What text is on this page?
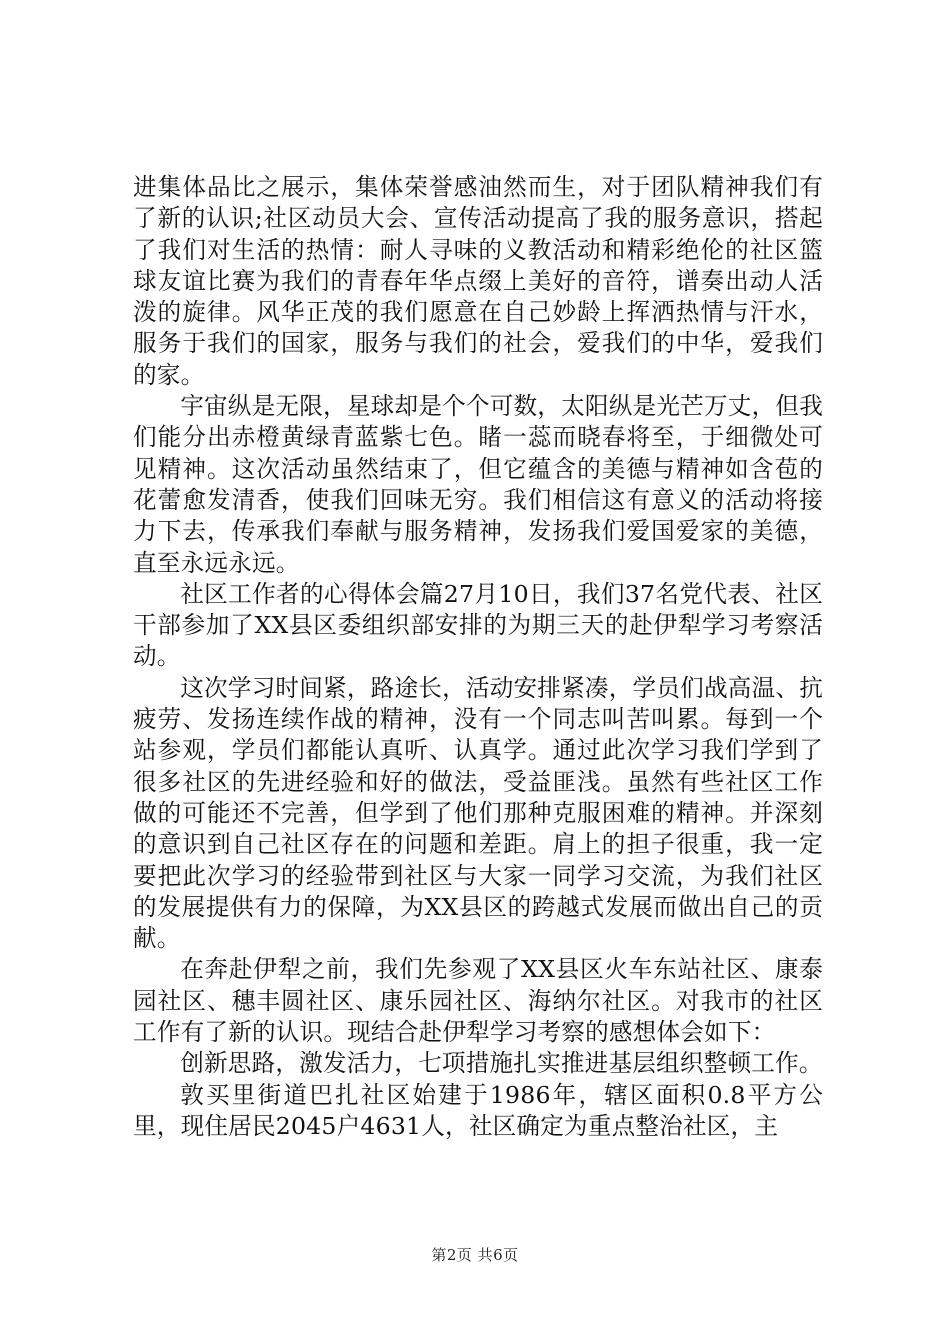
进集体品比之展示，集体荣誉感油然而生，对于团队精神我们有了新的认识;社区动员大会、宣传活动提高了我的服务意识，搭起了我们对生活的热情：耐人寻味的义教活动和精彩绝伦的社区篮球友谊比赛为我们的青春年华点缀上美好的音符，谱奏出动人活泼的旋律。风华正茂的我们愿意在自己妙龄上挥洒热情与汗水，服务于我们的国家，服务与我们的社会，爱我们的中华，爱我们的家。

宇宙纵是无限，星球却是个个可数，太阳纵是光芒万丈，但我们能分出赤橙黄绿青蓝紫七色。睹一蕊而晓春将至，于细微处可见精神。这次活动虽然结束了，但它蕴含的美德与精神如含苞的花蕾愈发清香，使我们回味无穷。我们相信这有意义的活动将接力下去，传承我们奉献与服务精神，发扬我们爱国爱家的美德，直至永远永远。

社区工作者的心得体会篇27月10日，我们37名党代表、社区干部参加了XX县区委组织部安排的为期三天的赴伊犁学习考察活动。

这次学习时间紧，路途长，活动安排紧凑，学员们战高温、抗疲劳、发扬连续作战的精神，没有一个同志叫苦叫累。每到一个站参观，学员们都能认真听、认真学。通过此次学习我们学到了很多社区的先进经验和好的做法，受益匪浅。虽然有些社区工作做的可能还不完善，但学到了他们那种克服困难的精神。并深刻的意识到自己社区存在的问题和差距。肩上的担子很重，我一定要把此次学习的经验带到社区与大家一同学习交流，为我们社区的发展提供有力的保障，为XX县区的跨越式发展而做出自己的贡献。

在奔赴伊犁之前，我们先参观了XX县区火车东站社区、康泰园社区、穗丰圆社区、康乐园社区、海纳尔社区。对我市的社区工作有了新的认识。现结合赴伊犁学习考察的感想体会如下：

创新思路，激发活力，七项措施扎实推进基层组织整顿工作。

敦买里街道巴扎社区始建于1986年，辖区面积0.8平方公里，现住居民2045户4631人，社区确定为重点整治社区，主

第2页 共6页
